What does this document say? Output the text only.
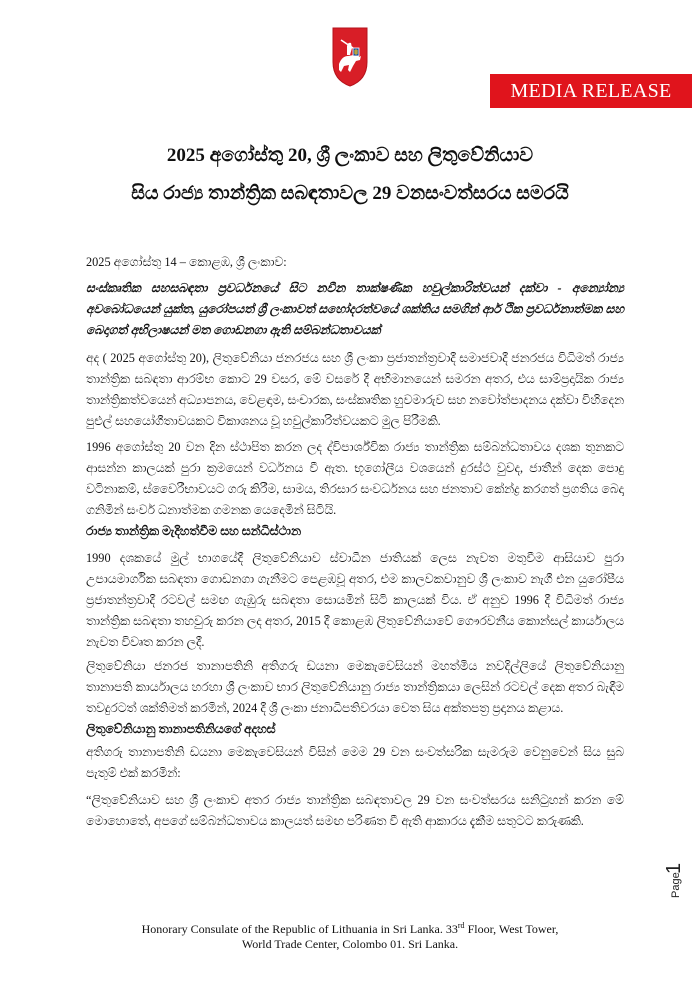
MEDIA RELEASE
2025 අගෝස්තු 20, ශ්‍රී ලංකාව සහ ලිතුවේනියාව
සිය රාජ්‍ය තාන්ත්‍රික සබඳතාවල 29 වනසංවත්සරය සමරයි

2025 අගෝස්තු 14 – කොළඹ, ශ්‍රී ලංකාව:

සංස්කෘතික සහසබඳතා ප්‍රවර්ධනයේ සිට නවීන තාක්ෂණික හවුල්කාරිත්වයන් දක්වා - අන්‍යෝන්‍ය අවබෝධයෙන් යුක්ත, යුරෝපයත් ශ්‍රී ලංකාවත් සහෝදරත්වයේ ශක්තිය සමගින් ආර් ථික ප්‍රවර්ධනාත්මක සහ බෙදාගත් අභිලාෂයන් මත ගොඩනගා ඇති සම්බන්ධතාවයක්

අද ( 2025 අගෝස්තු 20), ලිතුවේනියා ජනරජය සහ ශ්‍රී ලංකා ප්‍රජාතන්ත්‍රවාදී සමාජවාදී ජනරජය විධිමත් රාජ්‍ය තාන්ත්‍රික සබඳතා ආරම්භ කොට 29 වසර, මේ වසරේ දී අභිමානයෙන් සමරන අතර, එය සාම්ප්‍රදායික රාජ්‍ය තාන්ත්‍රිකත්වයෙන් අධ්‍යාපනය, වෙළඳාම, සංචාරක, සංස්කෘතික හුවමාරුව සහ නවෝත්පාදනය දක්වා විහිදෙන පුළුල් සහයෝගීතාවයකට විකාශනය වූ හවුල්කාරිත්වයකට මුල පිරීමකි.

1996 අගෝස්තු 20 වන දින ස්ථාපිත කරන ලද ද්විපාර්ශ්වික රාජ්‍ය තාන්ත්‍රික සම්බන්ධතාවය දශක තුනකට ආසන්න කාලයක් පුරා ක්‍රමයෙන් වර්ධනය වී ඇත. භූගෝලීය වශයෙන් දුරස්ථ වුවද, ජාතීන් දෙක පොදු වටිනාකම්, ස්වෛරීභාවයට ගරු කිරීම, සාමය, තිරසාර සංවර්ධනය සහ ජනතාව කේන්ද්‍ර කරගත් ප්‍රගතිය බෙදා ගනිමින් සංවර් ධනාත්මක ගමනක යෙදෙමින් සිටියි.

රාජ්‍ය තාන්ත්‍රික මැදිහත්වීම සහ සන්ධිස්ථාන

1990 දශකයේ මුල් භාගයේදී ලිතුවේනියාව ස්වාධීන ජාතියක් ලෙස නැවත මතුවීම ආසියාව පුරා උපායමාර්ගික සබඳතා ගොඩනගා ගැනීමට පෙළඹවූ අතර, එම කාලවකවානුව ශ්‍රී ලංකාව නැගී එන යුරෝපීය ප්‍රජාතන්ත්‍රවාදී රටවල් සමඟ ගැඹුරු සබඳතා සොයමින් සිටි කාලයක් විය. ඒ අනුව 1996 දී විධිමත් රාජ්‍ය තාන්ත්‍රික සබඳතා තහවුරු කරන ලද අතර, 2015 දී කොළඹ ලිතුවේනියාවේ ගෞරවනීය කොන්සල් කාර්යාලය නැවත විවෘත කරන ලදී.

ලිතුවේනියා ජනරජ තානාපතිනි අතිගරු ඩයනා මෙකැවෙසියන් මහත්මිය නවදිල්ලියේ ලිතුවේනියානු තානාපති කාර්යාලය හරහා ශ්‍රී ලංකාව භාර ලිතුවේනියානු රාජ්‍ය තාන්ත්‍රිකයා ලෙසින් රටවල් දෙක අතර බැඳීම තවදුරටත් ශක්තිමත් කරමින්, 2024 දී ශ්‍රී ලංකා ජනාධිපතිවරයා වෙත සිය අක්තපත්‍ර ප්‍රදානය කළාය.

ලිතුවේනියානු තානාපතිනියගේ අදහස්

අතිගරු තානාපතිනි ඩයනා මෙකැවෙසියන් විසින් මෙම 29 වන සංවත්සරික සැමරුම වෙනුවෙන් සිය සුබ පැතුම් එක් කරමින්:

“ලිතුවේනියාව සහ ශ්‍රී ලංකාව අතර රාජ්‍ය තාන්ත්‍රික සබඳතාවල 29 වන සංවත්සරය සනිටුහන් කරන මේ මොහොතේ, අපගේ සම්බන්ධතාවය කාලයත් සමඟ පරිණත වී ඇති ආකාරය දැකීම සතුටට කරුණකි.

Page
1
Honorary Consulate of the Republic of Lithuania in Sri Lanka. 33rd Floor, West Tower,
World Trade Center, Colombo 01. Sri Lanka.
